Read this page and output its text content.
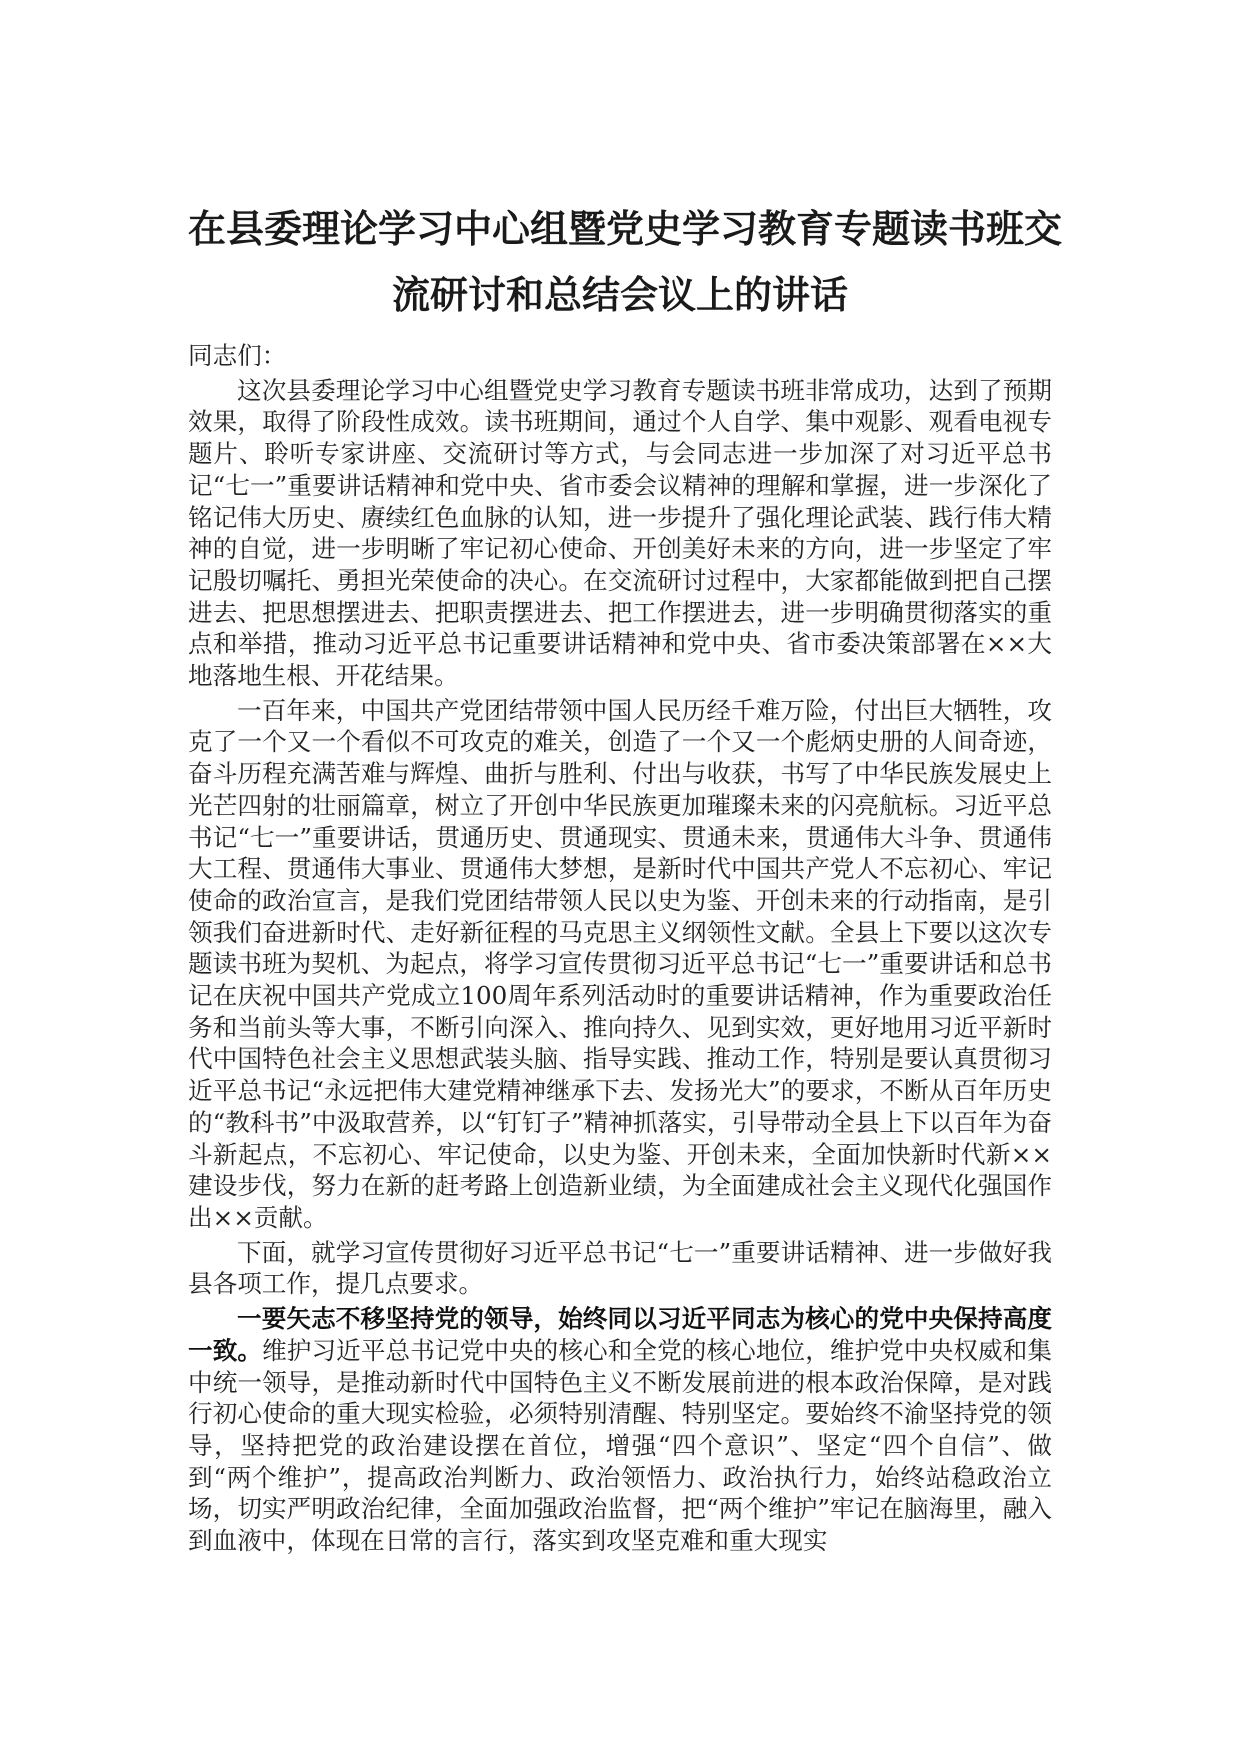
在县委理论学习中心组暨党史学习教育专题读书班交
流研讨和总结会议上的讲话

同志们：

这次县委理论学习中心组暨党史学习教育专题读书班非常成功，达到了预期效果，取得了阶段性成效。读书班期间，通过个人自学、集中观影、观看电视专题片、聆听专家讲座、交流研讨等方式，与会同志进一步加深了对习近平总书记“七一”重要讲话精神和党中央、省市委会议精神的理解和掌握，进一步深化了铭记伟大历史、赓续红色血脉的认知，进一步提升了强化理论武装、践行伟大精神的自觉，进一步明晰了牢记初心使命、开创美好未来的方向，进一步坚定了牢记殷切嘱托、勇担光荣使命的决心。在交流研讨过程中，大家都能做到把自己摆进去、把思想摆进去、把职责摆进去、把工作摆进去，进一步明确贯彻落实的重点和举措，推动习近平总书记重要讲话精神和党中央、省市委决策部署在××大地落地生根、开花结果。

一百年来，中国共产党团结带领中国人民历经千难万险，付出巨大牺牲，攻克了一个又一个看似不可攻克的难关，创造了一个又一个彪炳史册的人间奇迹，奋斗历程充满苦难与辉煌、曲折与胜利、付出与收获，书写了中华民族发展史上光芒四射的壮丽篇章，树立了开创中华民族更加璀璨未来的闪亮航标。习近平总书记“七一”重要讲话，贯通历史、贯通现实、贯通未来，贯通伟大斗争、贯通伟大工程、贯通伟大事业、贯通伟大梦想，是新时代中国共产党人不忘初心、牢记使命的政治宣言，是我们党团结带领人民以史为鉴、开创未来的行动指南，是引领我们奋进新时代、走好新征程的马克思主义纲领性文献。全县上下要以这次专题读书班为契机、为起点，将学习宣传贯彻习近平总书记“七一”重要讲话和总书记在庆祝中国共产党成立100周年系列活动时的重要讲话精神，作为重要政治任务和当前头等大事，不断引向深入、推向持久、见到实效，更好地用习近平新时代中国特色社会主义思想武装头脑、指导实践、推动工作，特别是要认真贯彻习近平总书记“永远把伟大建党精神继承下去、发扬光大”的要求，不断从百年历史的“教科书”中汲取营养，以“钉钉子”精神抓落实，引导带动全县上下以百年为奋斗新起点，不忘初心、牢记使命，以史为鉴、开创未来，全面加快新时代新××建设步伐，努力在新的赶考路上创造新业绩，为全面建成社会主义现代化强国作出××贡献。

下面，就学习宣传贯彻好习近平总书记“七一”重要讲话精神、进一步做好我县各项工作，提几点要求。

一要矢志不移坚持党的领导，始终同以习近平同志为核心的党中央保持高度一致。维护习近平总书记党中央的核心和全党的核心地位，维护党中央权威和集中统一领导，是推动新时代中国特色主义不断发展前进的根本政治保障，是对践行初心使命的重大现实检验，必须特别清醒、特别坚定。要始终不渝坚持党的领导，坚持把党的政治建设摆在首位，增强“四个意识”、坚定“四个自信”、做到“两个维护”，提高政治判断力、政治领悟力、政治执行力，始终站稳政治立场，切实严明政治纪律，全面加强政治监督，把“两个维护”牢记在脑海里，融入到血液中，体现在日常的言行，落实到攻坚克难和重大现实
